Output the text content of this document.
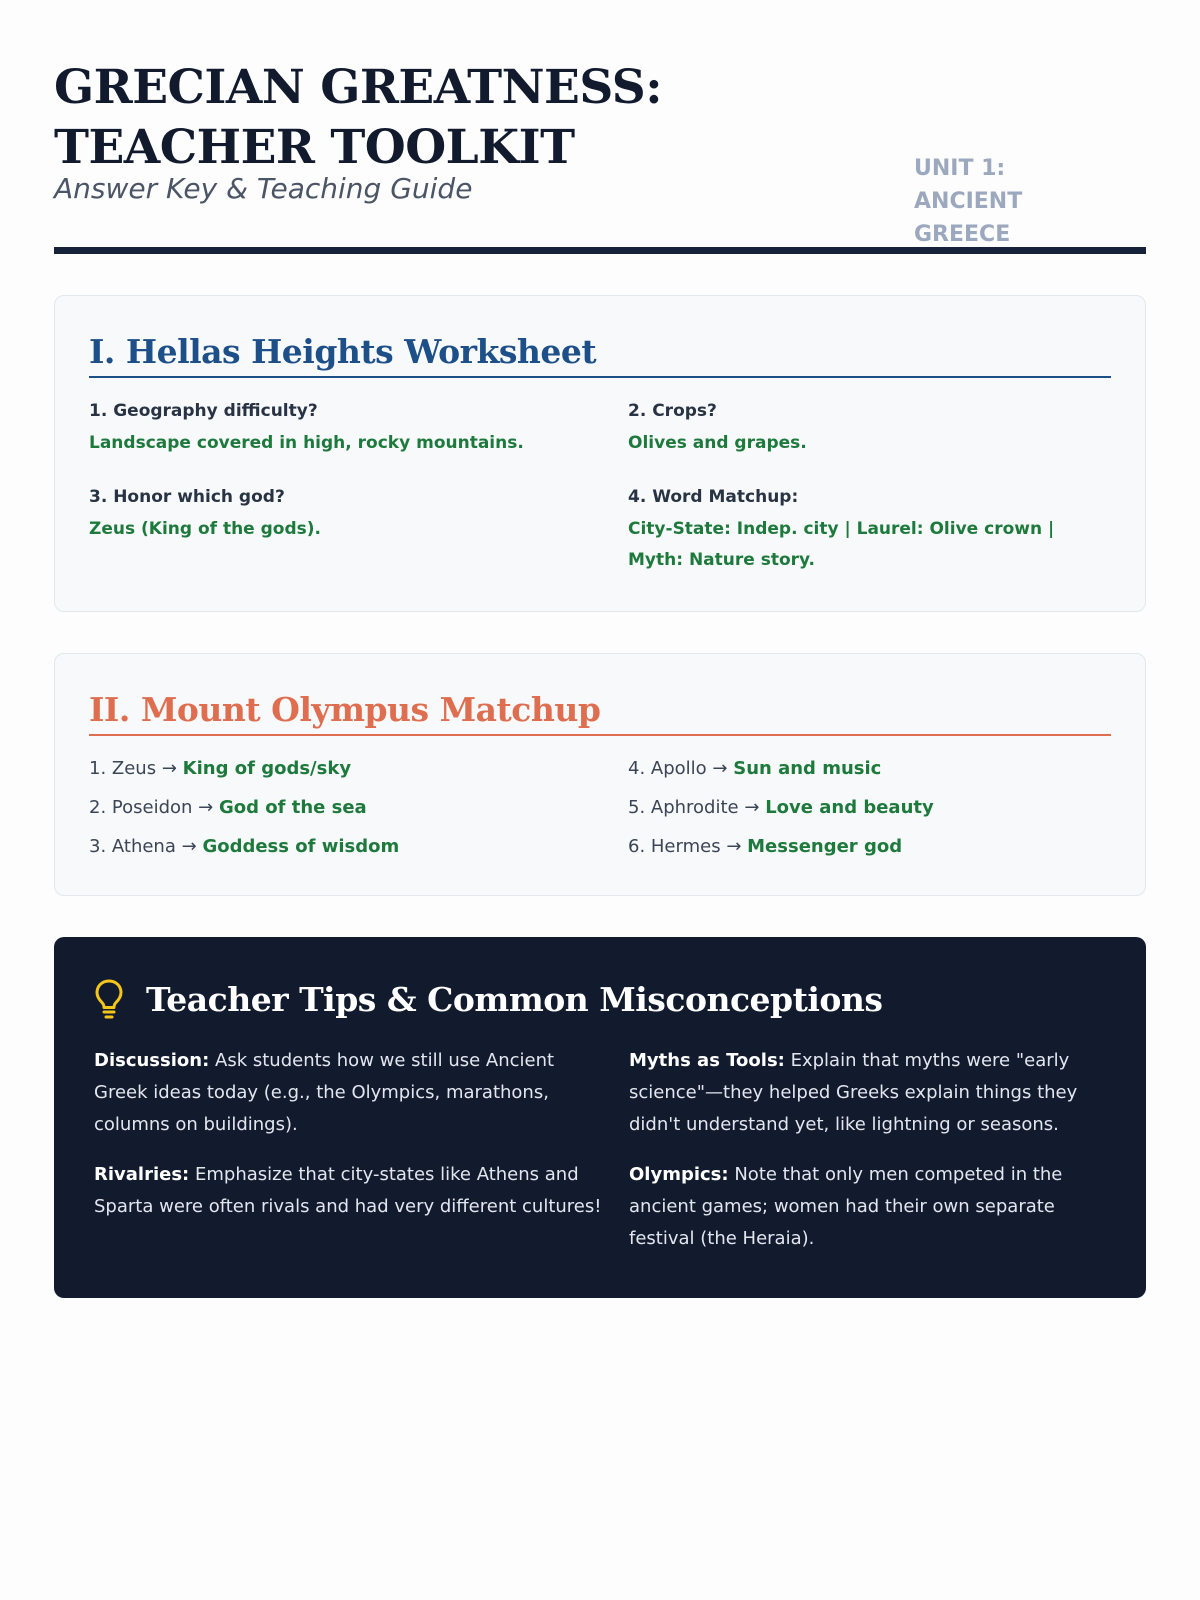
GRECIAN GREATNESS: TEACHER TOOLKIT
Answer Key & Teaching Guide
UNIT 1: ANCIENT GREECE
I. Hellas Heights Worksheet
1. Geography difficulty?
Landscape covered in high, rocky mountains.
2. Crops?
Olives and grapes.
3. Honor which god?
Zeus (King of the gods).
4. Word Matchup:
City-State: Indep. city | Laurel: Olive crown | Myth: Nature story.
II. Mount Olympus Matchup
1. Zeus → King of gods/sky
2. Poseidon → God of the sea
3. Athena → Goddess of wisdom
4. Apollo → Sun and music
5. Aphrodite → Love and beauty
6. Hermes → Messenger god
Teacher Tips & Common Misconceptions

Discussion: Ask students how we still use Ancient Greek ideas today (e.g., the Olympics, marathons, columns on buildings).

Myths as Tools: Explain that myths were "early science"—they helped Greeks explain things they didn't understand yet, like lightning or seasons.

Rivalries: Emphasize that city-states like Athens and Sparta were often rivals and had very different cultures!

Olympics: Note that only men competed in the ancient games; women had their own separate festival (the Heraia).
